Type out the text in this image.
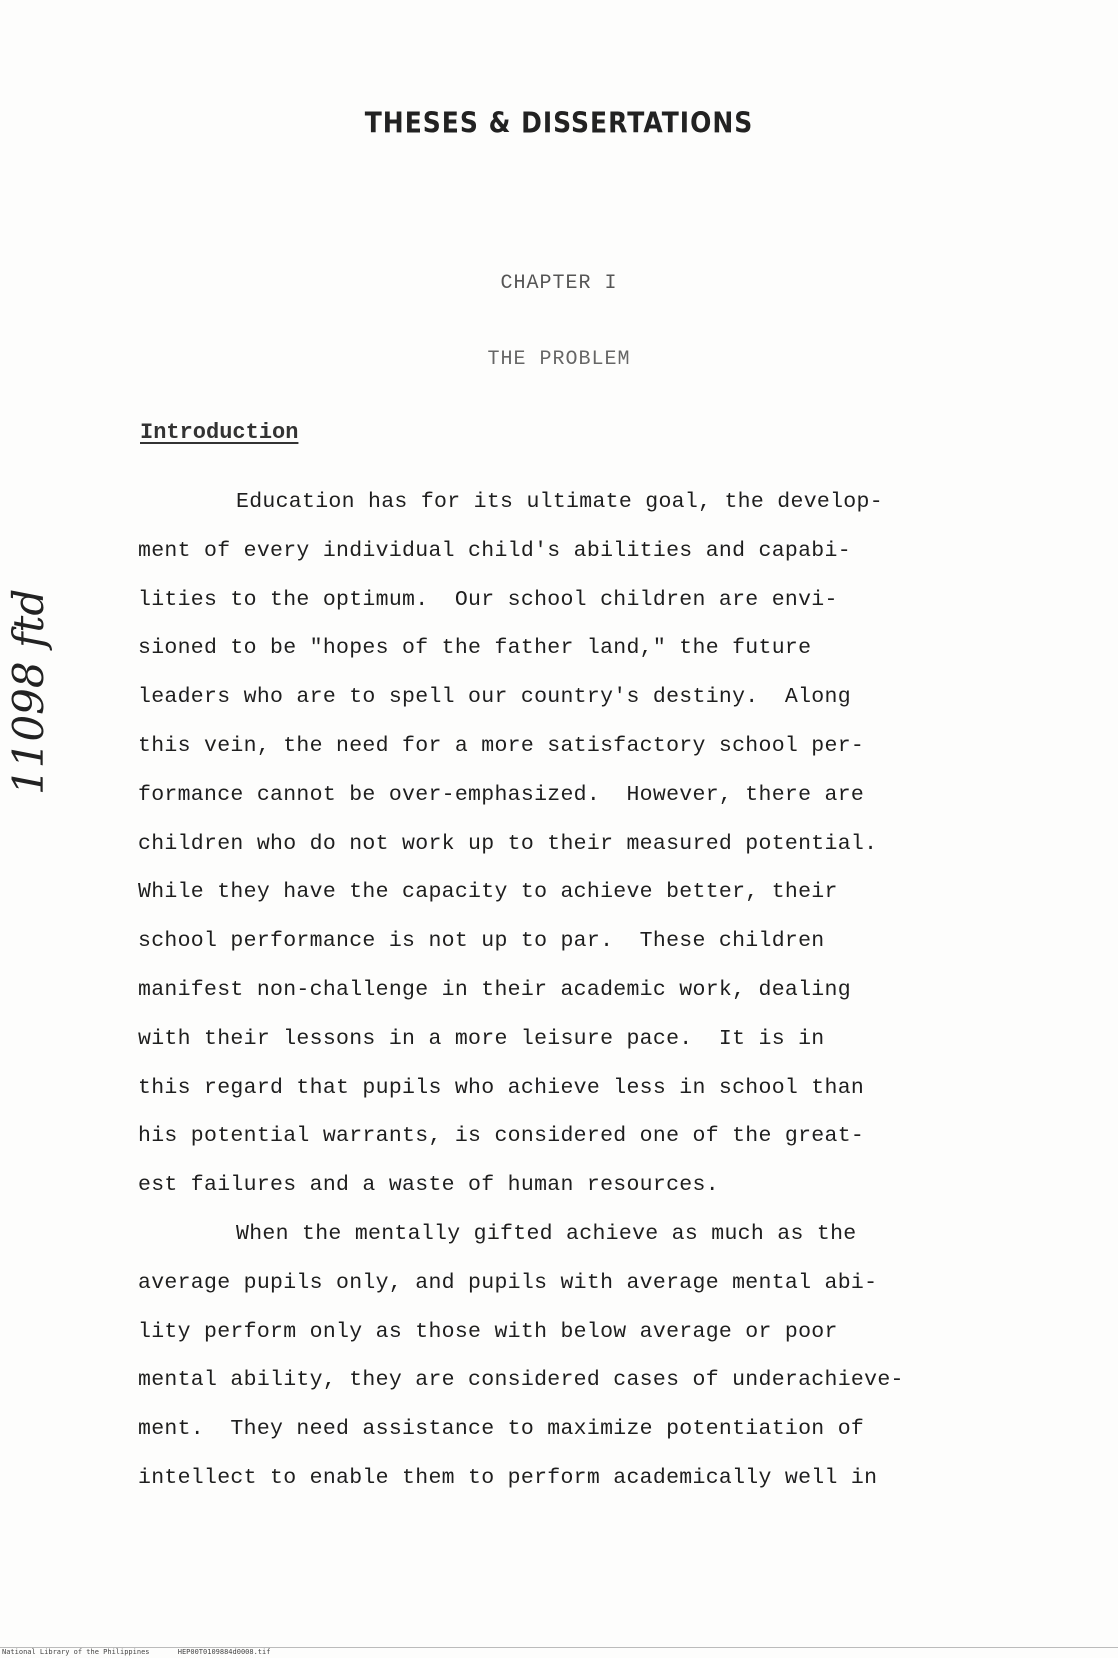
THESES & DISSERTATIONS
CHAPTER I
THE PROBLEM
Introduction
Education has for its ultimate goal, the develop-
ment of every individual child's abilities and capabi-
lities to the optimum.  Our school children are envi-
sioned to be "hopes of the father land," the future
leaders who are to spell our country's destiny.  Along
this vein, the need for a more satisfactory school per-
formance cannot be over-emphasized.  However, there are
children who do not work up to their measured potential.
While they have the capacity to achieve better, their
school performance is not up to par.  These children
manifest non-challenge in their academic work, dealing
with their lessons in a more leisure pace.  It is in
this regard that pupils who achieve less in school than
his potential warrants, is considered one of the great-
est failures and a waste of human resources.
When the mentally gifted achieve as much as the
average pupils only, and pupils with average mental abi-
lity perform only as those with below average or poor
mental ability, they are considered cases of underachieve-
ment.  They need assistance to maximize potentiation of
intellect to enable them to perform academically well in
11098 ftd
National Library of the Philippines	HEP00T0109884d0008.tif
